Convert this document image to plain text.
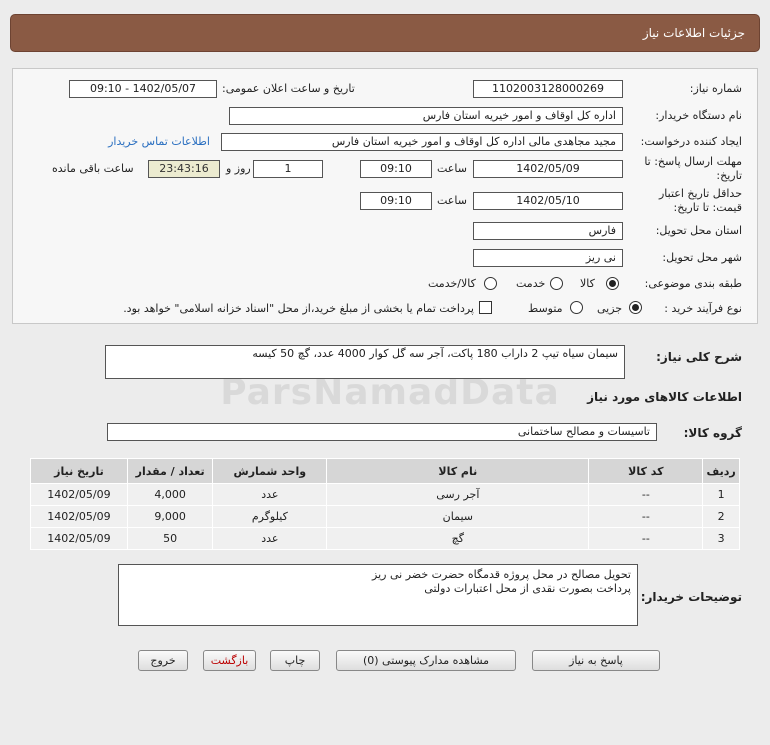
جزئیات اطلاعات نیاز
ParsNamadData
شماره نیاز:
1102003128000269
تاریخ و ساعت اعلان عمومی:
1402/05/07 - 09:10
نام دستگاه خریدار:
اداره کل اوقاف و امور خیریه استان فارس
ایجاد کننده درخواست:
مجید مجاهدی مالی اداره کل اوقاف و امور خیریه استان فارس
اطلاعات تماس خریدار
مهلت ارسال پاسخ: تا تاریخ:
1402/05/09
ساعت
09:10
1
روز و
23:43:16
ساعت باقی مانده
حداقل تاریخ اعتبار قیمت: تا تاریخ:
1402/05/10
ساعت
09:10
استان محل تحویل:
فارس
شهر محل تحویل:
نی ریز
طبقه بندی موضوعی:
کالا
خدمت
کالا/خدمت
نوع فرآیند خرید :
جزیی
متوسط
پرداخت تمام یا بخشی از مبلغ خرید،از محل "اسناد خزانه اسلامی" خواهد بود.
شرح کلی نیاز:
سیمان سیاه تیپ 2 داراب 180 پاکت، آجر سه گل کوار 4000 عدد، گچ 50 کیسه
اطلاعات کالاهای مورد نیاز
گروه کالا:
تاسیسات و مصالح ساختمانی
ردیف	کد کالا	نام کالا	واحد شمارش	تعداد / مقدار	تاریخ نیاز
1	--	آجر رسی	عدد	4,000	1402/05/09
2	--	سیمان	کیلوگرم	9,000	1402/05/09
3	--	گچ	عدد	50	1402/05/09
توضیحات خریدار:
تحویل مصالح در محل پروژه قدمگاه حضرت خضر نی ریز
پرداخت بصورت نقدی از محل اعتبارات دولتی
پاسخ به نیاز
مشاهده مدارک پیوستی (0)
چاپ
بازگشت
خروج
